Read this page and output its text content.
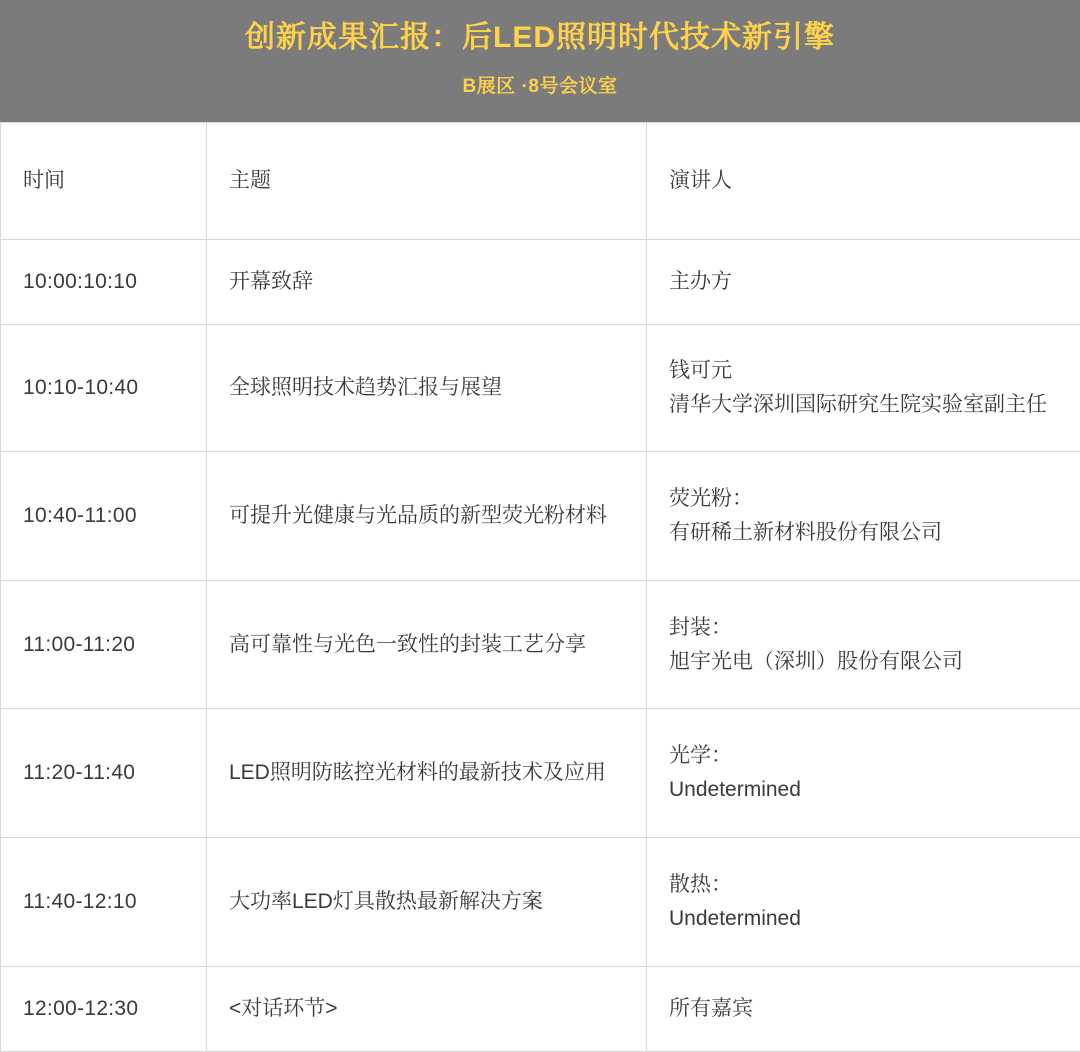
创新成果汇报：后LED照明时代技术新引擎
B展区 ·8号会议室
时间	主题	演讲人
10:00:10:10	开幕致辞	主办方

10:10-10:40	全球照明技术趋势汇报与展望	钱可元
清华大学深圳国际研究生院实验室副主任

10:40-11:00	可提升光健康与光品质的新型荧光粉材料	荧光粉：
有研稀土新材料股份有限公司

11:00-11:20	高可靠性与光色一致性的封装工艺分享	封装：
旭宇光电（深圳）股份有限公司

11:20-11:40	LED照明防眩控光材料的最新技术及应用	光学：
Undetermined

11:40-12:10	大功率LED灯具散热最新解决方案	散热：
Undetermined

12:00-12:30	<对话环节>	所有嘉宾
